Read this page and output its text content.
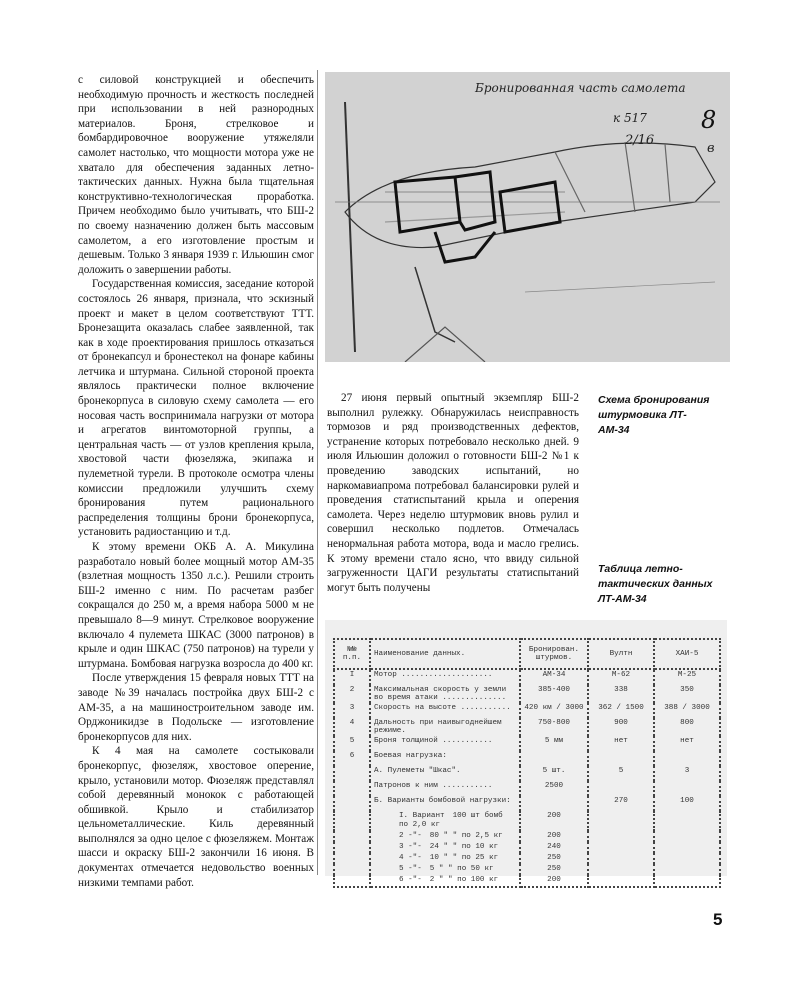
с силовой конструкцией и обеспечить необходимую прочность и жесткость последней при использовании в ней разнородных материалов. Броня, стрелковое и бомбардировочное вооружение утяжеляли самолет настолько, что мощности мотора уже не хватало для обеспечения заданных летно-тактических данных. Нужна была тщательная конструктивно-технологическая проработка. Причем необходимо было учитывать, что БШ-2 по своему назначению должен быть массовым самолетом, а его изготовление простым и дешевым. Только 3 января 1939 г. Ильюшин смог доложить о завершении работы.

Государственная комиссия, заседание которой состоялось 26 января, признала, что эскизный проект и макет в целом соответствуют ТТТ. Бронезащита оказалась слабее заявленной, так как в ходе проектирования пришлось отказаться от бронекапсул и бронестекол на фонаре кабины летчика и штурмана. Сильной стороной проекта являлось практически полное включение бронекорпуса в силовую схему самолета — его носовая часть воспринимала нагрузки от мотора и агрегатов винтомоторной группы, а центральная часть — от узлов крепления крыла, хвостовой части фюзеляжа, экипажа и пулеметной турели. В протоколе осмотра члены комиссии предложили улучшить схему бронирования путем рационального распределения толщины брони бронекорпуса, установить радиостанцию и т.д.

К этому времени ОКБ А. А. Микулина разработало новый более мощный мотор АМ-35 (взлетная мощность 1350 л.с.). Решили строить БШ-2 именно с ним. По расчетам разбег сокращался до 250 м, а время набора 5000 м не превышало 8—9 минут. Стрелковое вооружение включало 4 пулемета ШКАС (3000 патронов) в крыле и один ШКАС (750 патронов) на турели у штурмана. Бомбовая нагрузка возросла до 400 кг.

После утверждения 15 февраля новых ТТТ на заводе №39 началась постройка двух БШ-2 с АМ-35, а на машиностроительном заводе им. Орджоникидзе в Подольске — изготовление бронекорпусов для них.

К 4 мая на самолете состыковали бронекорпус, фюзеляж, хвостовое оперение, крыло, установили мотор. Фюзеляж представлял собой деревянный монокок с работающей обшивкой. Крыло и стабилизатор цельнометаллические. Киль деревянный выполнялся за одно целое с фюзеляжем. Монтаж шасси и окраску БШ-2 закончили 16 июня. В документах отмечается недовольство военных низкими темпами работ.

Бронированная часть самолета
8
к 517
2/16
в

27 июня первый опытный экземпляр БШ-2 выполнил рулежку. Обнаружилась неисправность тормозов и ряд производственных дефектов, устранение которых потребовало несколько дней. 9 июля Ильюшин доложил о готовности БШ-2 №1 к проведению заводских испытаний, но наркомавиапрома потребовал балансировки рулей и проведения статиспытаний крыла и оперения самолета. Через неделю штурмовик вновь рулил и совершил несколько подлетов. Отмечалась ненормальная работа мотора, вода и масло грелись. К этому времени стало ясно, что ввиду сильной загруженности ЦАГИ результаты статиспытаний могут быть получены

Схема бронирования штурмовика ЛТ-АМ-34
Таблица летно-тактических данных ЛТ-АМ-34
№№ п.п.	Наименование данных.	Бронирован. штурмов.	Вултн	ХАИ-5
I	Мотор ....................	АМ-34	М-62	М-25
2	Максимальная скорость у земли во время атаки ..............	385-400	338	350
3	Скорость на высоте ...........	420 км / 3000	362 / 1500	388 / 3000
4	Дальность при наивыгоднейшем режиме.	750-800	900	800
5	Броня толщиной ...........	5 мм	нет	нет
6	Боевая нагрузка:			
	А. Пулеметы "Шкас".	5 шт.	5	3
	Патронов к ним ...........	2500		
	Б. Варианты бомбовой нагрузки:		270	100
	I. Вариант 100 шт бомб по 2,0 кг	200		
	2 -"- 80 " " по 2,5 кг	200		
	3 -"- 24 " " по 10 кг	240		
	4 -"- 10 " " по 25 кг	250		
	5 -"- 5 " " по 50 кг	250		
	6 -"- 2 " " по 100 кг	200		
5
